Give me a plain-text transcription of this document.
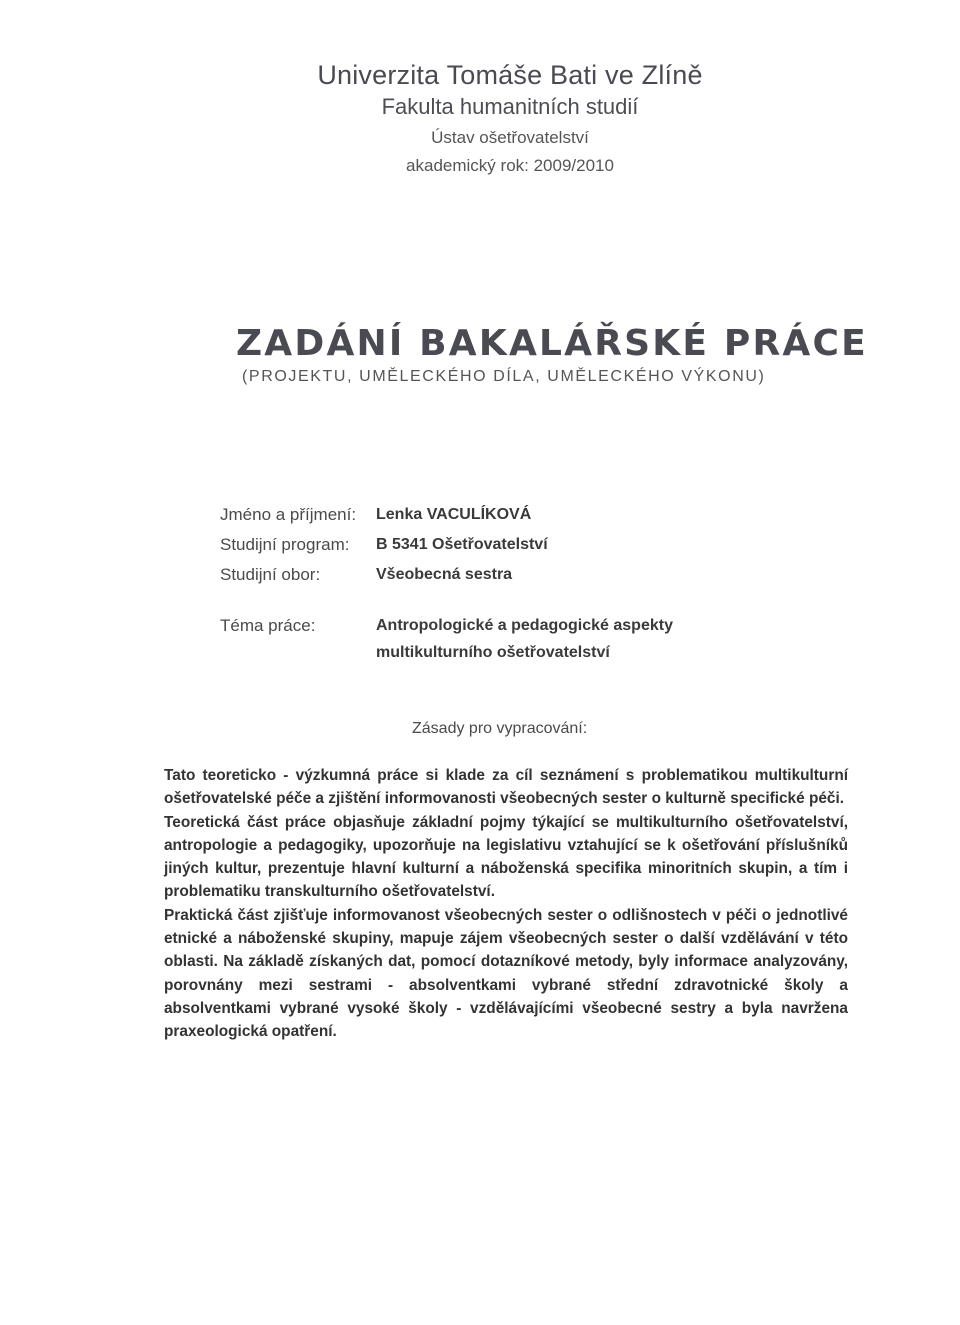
Univerzita Tomáše Bati ve Zlíně
Fakulta humanitních studií
Ústav ošetřovatelství
akademický rok: 2009/2010
ZADÁNÍ BAKALÁŘSKÉ PRÁCE
(PROJEKTU, UMĚLECKÉHO DÍLA, UMĚLECKÉHO VÝKONU)
Jméno a příjmení:	Lenka VACULÍKOVÁ
Studijní program:	B 5341 Ošetřovatelství
Studijní obor:	Všeobecná sestra
Téma práce:	Antropologické a pedagogické aspekty multikulturního ošetřovatelství
Zásady pro vypracování:

Tato teoreticko - výzkumná práce si klade za cíl seznámení s problematikou multikulturní ošetřovatelské péče a zjištění informovanosti všeobecných sester o kulturně specifické péči.

Teoretická část práce objasňuje základní pojmy týkající se multikulturního ošetřovatelství, antropologie a pedagogiky, upozorňuje na legislativu vztahující se k ošetřování příslušníků jiných kultur, prezentuje hlavní kulturní a náboženská specifika minoritních skupin, a tím i problematiku transkulturního ošetřovatelství.

Praktická část zjišťuje informovanost všeobecných sester o odlišnostech v péči o jednotlivé etnické a náboženské skupiny, mapuje zájem všeobecných sester o další vzdělávání v této oblasti. Na základě získaných dat, pomocí dotazníkové metody, byly informace analyzovány, porovnány mezi sestrami - absolventkami vybrané střední zdravotnické školy a absolventkami vybrané vysoké školy - vzdělávajícími všeobecné sestry a byla navržena praxeologická opatření.
